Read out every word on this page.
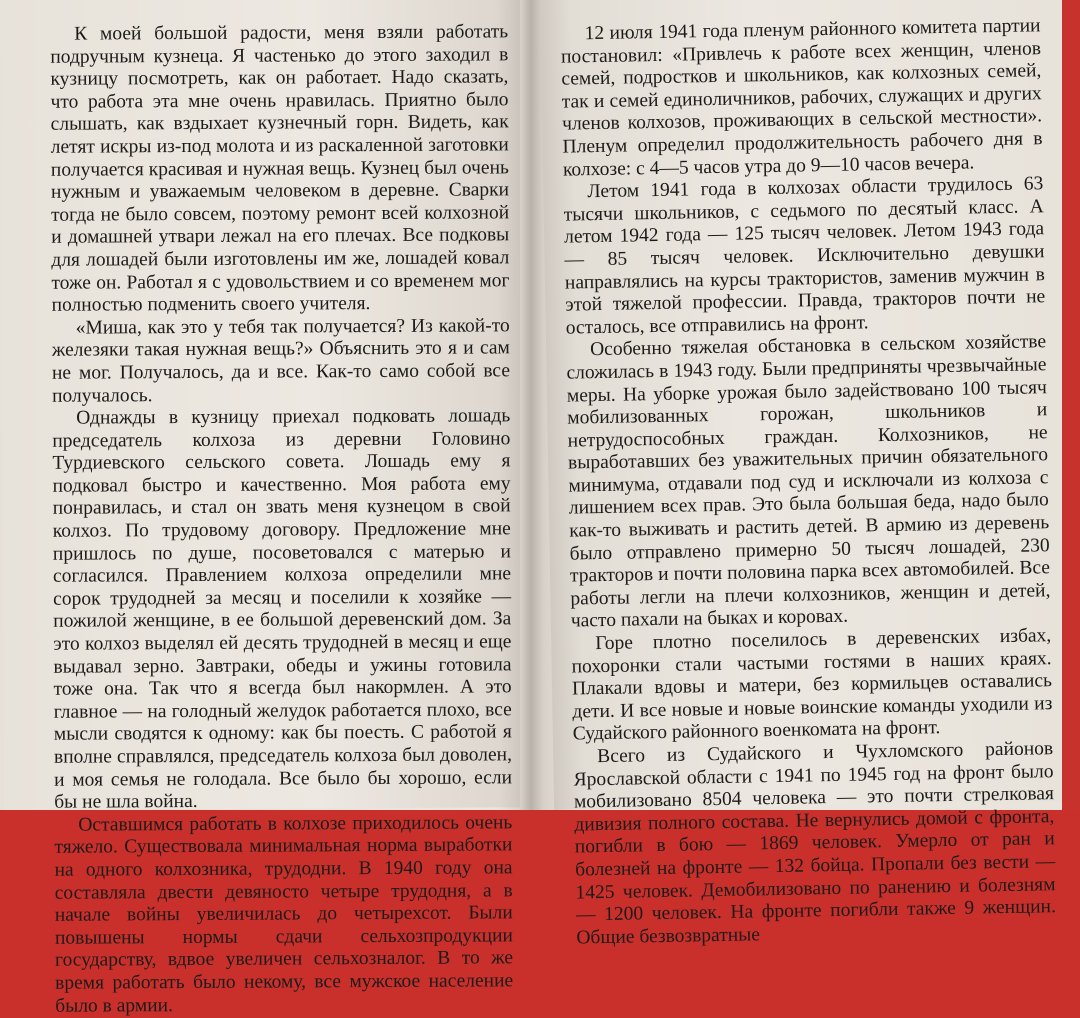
К моей большой радости, меня взяли работать подручным кузнеца. Я частенько до этого заходил в кузницу посмотреть, как он работает. Надо сказать, что работа эта мне очень нравилась. Приятно было слышать, как вздыхает кузнечный горн. Видеть, как летят искры из-под молота и из раскаленной заготовки получается красивая и нужная вещь. Кузнец был очень нужным и уважаемым человеком в деревне. Сварки тогда не было совсем, поэтому ремонт всей колхозной и домашней утвари лежал на его плечах. Все подковы для лошадей были изготовлены им же, лошадей ковал тоже он. Работал я с удовольствием и со временем мог полностью подменить своего учителя.

«Миша, как это у тебя так получается? Из какой-то железяки такая нужная вещь?» Объяснить это я и сам не мог. Получалось, да и все. Как-то само собой все получалось.

Однажды в кузницу приехал подковать лошадь председатель колхоза из деревни Головино Турдиевского сельского совета. Лошадь ему я подковал быстро и качественно. Моя работа ему понравилась, и стал он звать меня кузнецом в свой колхоз. По трудовому договору. Предложение мне пришлось по душе, посоветовался с матерью и согласился. Правлением колхоза определили мне сорок трудодней за месяц и поселили к хозяйке — пожилой женщине, в ее большой деревенский дом. За это колхоз выделял ей десять трудодней в месяц и еще выдавал зерно. Завтраки, обеды и ужины готовила тоже она. Так что я всегда был накормлен. А это главное — на голодный желудок работается плохо, все мысли сводятся к одному: как бы поесть. С работой я вполне справлялся, председатель колхоза был доволен, и моя семья не голодала. Все было бы хорошо, если бы не шла война.

Оставшимся работать в колхозе приходилось очень тяжело. Существовала минимальная норма выработки на одного колхозника, трудодни. В 1940 году она составляла двести девяносто четыре трудодня, а в начале войны увеличилась до четырехсот. Были повышены нормы сдачи сельхозпродукции государству, вдвое увеличен сельхозналог. В то же время работать было некому, все мужское население было в армии.

12 июля 1941 года пленум районного комитета партии постановил: «Привлечь к работе всех женщин, членов семей, подростков и школьников, как колхозных семей, так и семей единоличников, рабочих, служащих и других членов колхозов, проживающих в сельской местности». Пленум определил продолжительность рабочего дня в колхозе: с 4—5 часов утра до 9—10 часов вечера.

Летом 1941 года в колхозах области трудилось 63 тысячи школьников, с седьмого по десятый класс. А летом 1942 года — 125 тысяч человек. Летом 1943 года — 85 тысяч человек. Исключительно девушки направлялись на курсы трактористов, заменив мужчин в этой тяжелой профессии. Правда, тракторов почти не осталось, все отправились на фронт.

Особенно тяжелая обстановка в сельском хозяйстве сложилась в 1943 году. Были предприняты чрезвычайные меры. На уборке урожая было задействовано 100 тысяч мобилизованных горожан, школьников и нетрудоспособных граждан. Колхозников, не выработавших без уважительных причин обязательного минимума, отдавали под суд и исключали из колхоза с лишением всех прав. Это была большая беда, надо было как-то выживать и растить детей. В армию из деревень было отправлено примерно 50 тысяч лошадей, 230 тракторов и почти половина парка всех автомобилей. Все работы легли на плечи колхозников, женщин и детей, часто пахали на быках и коровах.

Горе плотно поселилось в деревенских избах, похоронки стали частыми гостями в наших краях. Плакали вдовы и матери, без кормильцев оставались дети. И все новые и новые воинские команды уходили из Судайского районного военкомата на фронт.

Всего из Судайского и Чухломского районов Ярославской области с 1941 по 1945 год на фронт было мобилизовано 8504 человека — это почти стрелковая дивизия полного состава. Не вернулись домой с фронта, погибли в бою — 1869 человек. Умерло от ран и болезней на фронте — 132 бойца. Пропали без вести — 1425 человек. Демобилизовано по ранению и болезням — 1200 человек. На фронте погибли также 9 женщин. Общие безвозвратные
